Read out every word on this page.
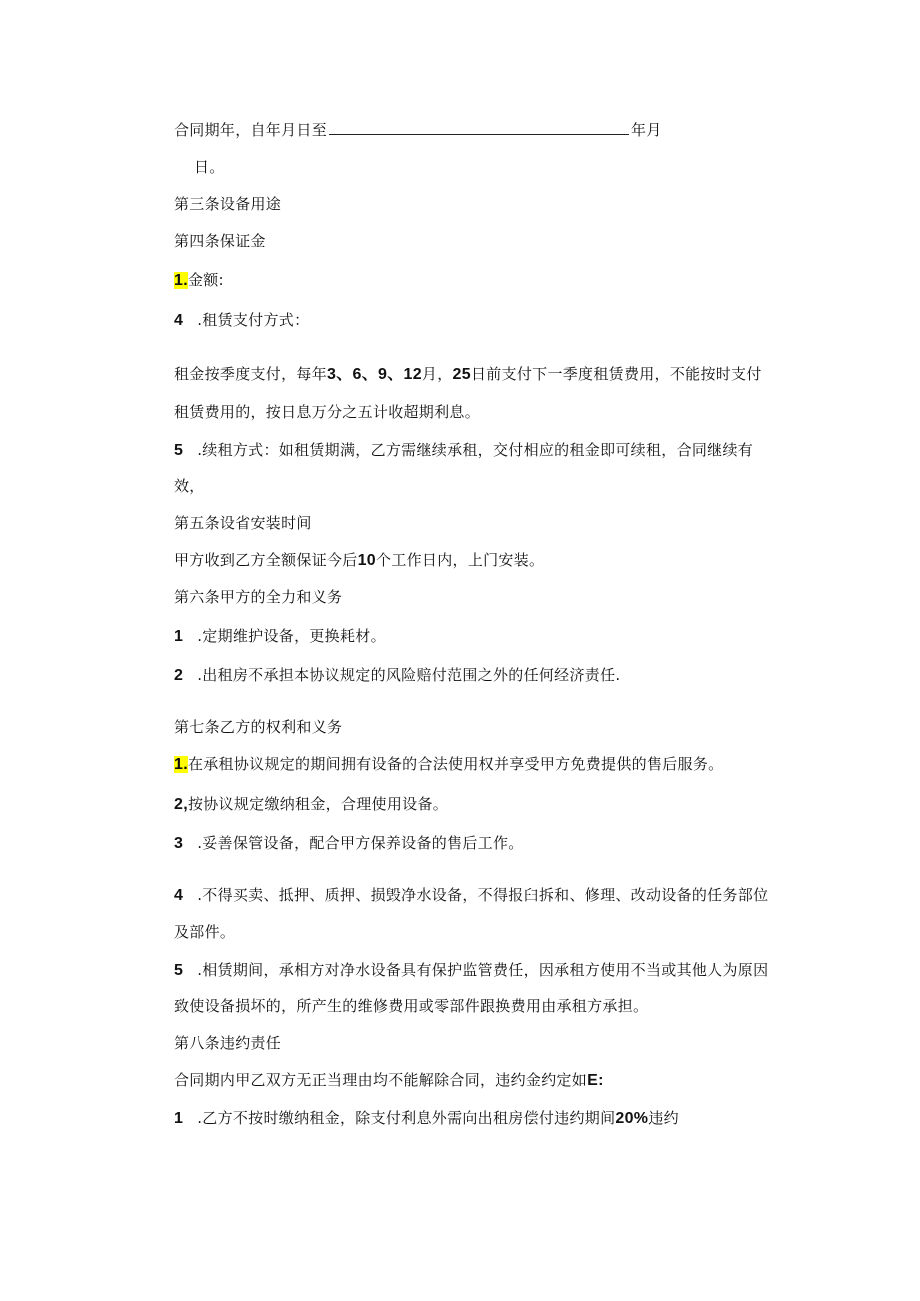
合同期年，自年月日至	年月
日。
第三条设备用途
第四条保证金
1.金额:
4 .租赁支付方式：
租金按季度支付，每年3、6、9、12月，25日前支付下一季度租赁费用，不能按时支付
租赁费用的，按日息万分之五计收超期利息。
5 .续租方式：如租赁期满，乙方需继续承租，交付相应的租金即可续租，合同继续有
效，
第五条设省安装时间
甲方收到乙方全额保证今后10个工作日内，上门安装。
第六条甲方的全力和义务
1 .定期维护设备，更换耗材。
2 .出租房不承担本协议规定的风险赔付范围之外的任何经济责任.
第七条乙方的权利和义务
1.在承租协议规定的期间拥有设备的合法使用权并享受甲方免费提供的售后服务。
2,按协议规定缴纳租金，合理使用设备。
3 .妥善保管设备，配合甲方保养设备的售后工作。
4 .不得买卖、抵押、质押、损毁净水设备，不得报臼拆和、修理、改动设备的任务部位
及部件。
5 .相赁期间，承相方对净水设备具有保护监管费任，因承租方使用不当或其他人为原因
致使设备损坏的，所产生的维修费用或零部件跟换费用由承租方承担。
第八条违约责任
合同期内甲乙双方无正当理由均不能解除合同，违约金约定如E:
1 .乙方不按时缴纳租金，除支付利息外需向出租房偿付违约期间20%违约
